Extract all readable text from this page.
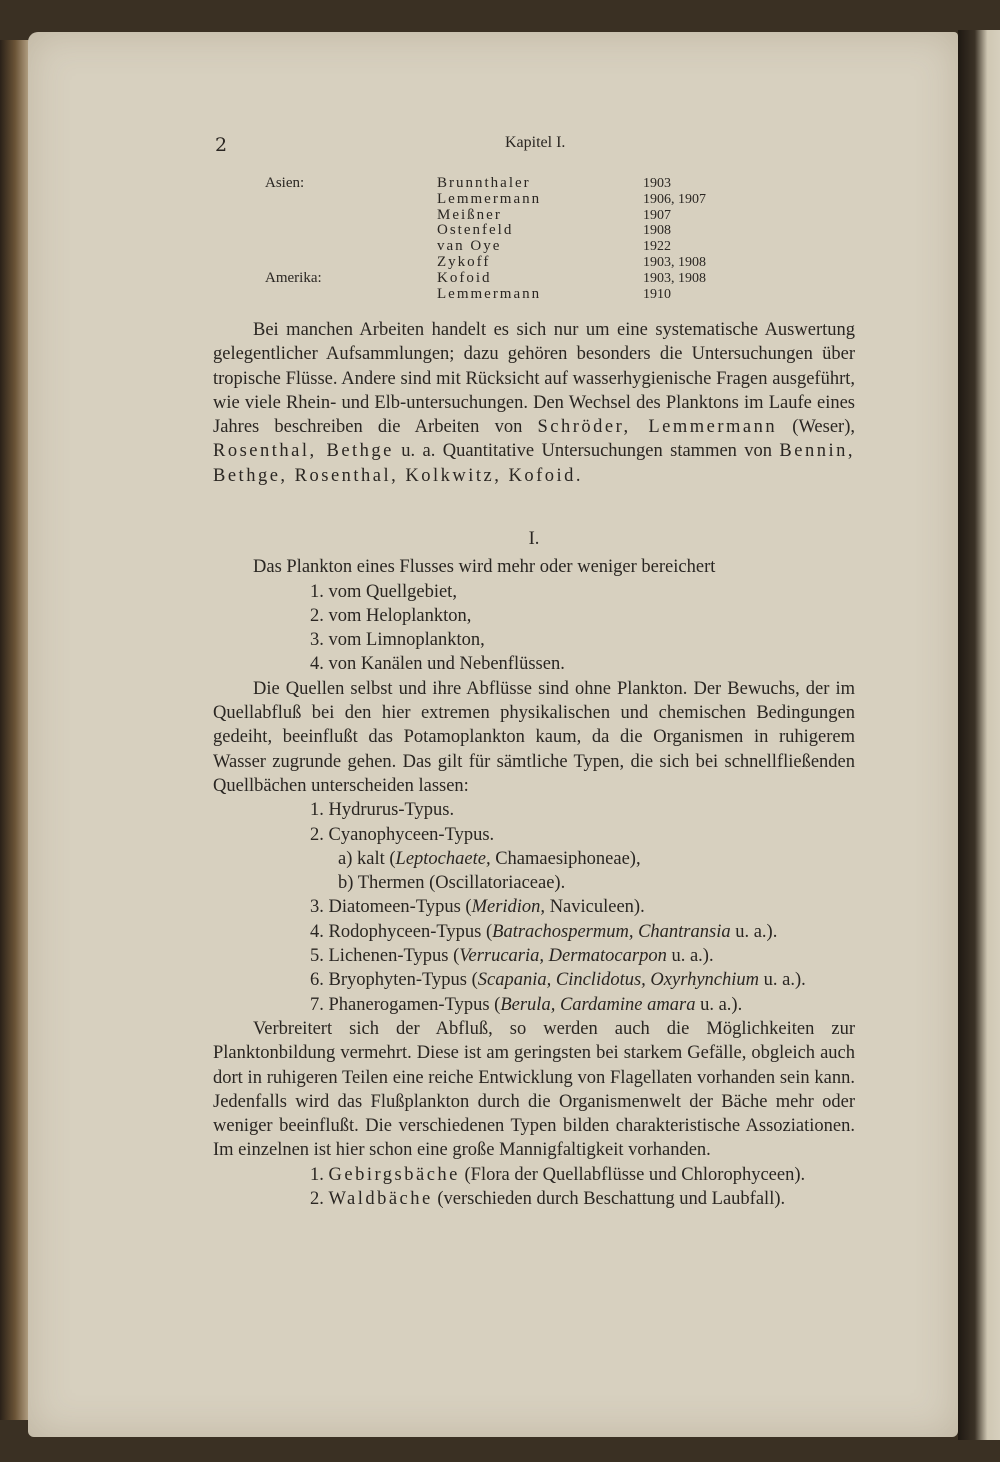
2	Kapitel I.
Asien:	Brunnthaler	1903
Lemmermann	1906, 1907
Meißner	1907
Ostenfeld	1908
van Oye	1922
Zykoff	1903, 1908
Amerika:	Kofoid	1903, 1908
Lemmermann	1910

Bei manchen Arbeiten handelt es sich nur um eine systematische Auswertung gelegentlicher Aufsammlungen; dazu gehören besonders die Untersuchungen über tropische Flüsse. Andere sind mit Rücksicht auf wasserhygienische Fragen ausgeführt, wie viele Rhein- und Elb-untersuchungen. Den Wechsel des Planktons im Laufe eines Jahres beschreiben die Arbeiten von Schröder, Lemmermann (Weser), Rosenthal, Bethge u. a. Quantitative Untersuchungen stammen von Bennin, Bethge, Rosenthal, Kolkwitz, Kofoid.

I.

Das Plankton eines Flusses wird mehr oder weniger bereichert

1. vom Quellgebiet,

2. vom Heloplankton,

3. vom Limnoplankton,

4. von Kanälen und Nebenflüssen.

Die Quellen selbst und ihre Abflüsse sind ohne Plankton. Der Bewuchs, der im Quellabfluß bei den hier extremen physikalischen und chemischen Bedingungen gedeiht, beeinflußt das Potamoplankton kaum, da die Organismen in ruhigerem Wasser zugrunde gehen. Das gilt für sämtliche Typen, die sich bei schnellfließenden Quellbächen unterscheiden lassen:

1. Hydrurus-Typus.

2. Cyanophyceen-Typus.

a) kalt (Leptochaete, Chamaesiphoneae),

b) Thermen (Oscillatoriaceae).

3. Diatomeen-Typus (Meridion, Naviculeen).

4. Rodophyceen-Typus (Batrachospermum, Chantransia u. a.).

5. Lichenen-Typus (Verrucaria, Dermatocarpon u. a.).

6. Bryophyten-Typus (Scapania, Cinclidotus, Oxyrhynchium u. a.).

7. Phanerogamen-Typus (Berula, Cardamine amara u. a.).

Verbreitert sich der Abfluß, so werden auch die Möglichkeiten zur Planktonbildung vermehrt. Diese ist am geringsten bei starkem Gefälle, obgleich auch dort in ruhigeren Teilen eine reiche Entwicklung von Flagellaten vorhanden sein kann. Jedenfalls wird das Flußplankton durch die Organismenwelt der Bäche mehr oder weniger beeinflußt. Die verschiedenen Typen bilden charakteristische Assoziationen. Im einzelnen ist hier schon eine große Mannigfaltigkeit vorhanden.

1. Gebirgsbäche (Flora der Quellabflüsse und Chlorophyceen).

2. Waldbäche (verschieden durch Beschattung und Laubfall).
